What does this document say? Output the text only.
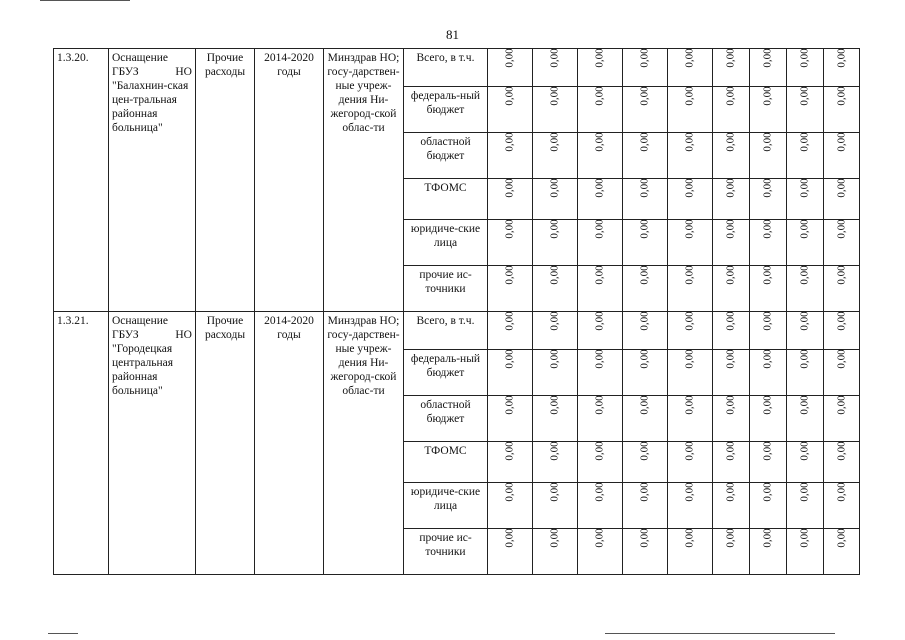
81
1.3.20.	Оснащение ГБУЗ НО "Балахнин-ская цен-тральная районная больница"	Прочие расходы	2014-2020 годы	Минздрав НО; госу-дарствен-ные учреж-дения Ни-жегород-ской облас-ти	Всего, в т.ч.	0,00	0,00	0,00	0,00	0,00	0,00	0,00	0,00	0,00
					федераль-ный бюджет	0,00	0,00	0,00	0,00	0,00	0,00	0,00	0,00	0,00
					областной бюджет	0,00	0,00	0,00	0,00	0,00	0,00	0,00	0,00	0,00
					ТФОМС	0,00	0,00	0,00	0,00	0,00	0,00	0,00	0,00	0,00
					юридиче-ские лица	0,00	0,00	0,00	0,00	0,00	0,00	0,00	0,00	0,00
					прочие ис-точники	0,00	0,00	0,00	0,00	0,00	0,00	0,00	0,00	0,00
1.3.21.	Оснащение ГБУЗ НО "Городецкая центральная районная больница"	Прочие расходы	2014-2020 годы	Минздрав НО; госу-дарствен-ные учреж-дения Ни-жегород-ской облас-ти	Всего, в т.ч.	0,00	0,00	0,00	0,00	0,00	0,00	0,00	0,00	0,00
					федераль-ный бюджет	0,00	0,00	0,00	0,00	0,00	0,00	0,00	0,00	0,00
					областной бюджет	0,00	0,00	0,00	0,00	0,00	0,00	0,00	0,00	0,00
					ТФОМС	0,00	0,00	0,00	0,00	0,00	0,00	0,00	0,00	0,00
					юридиче-ские лица	0,00	0,00	0,00	0,00	0,00	0,00	0,00	0,00	0,00
					прочие ис-точники	0,00	0,00	0,00	0,00	0,00	0,00	0,00	0,00	0,00
